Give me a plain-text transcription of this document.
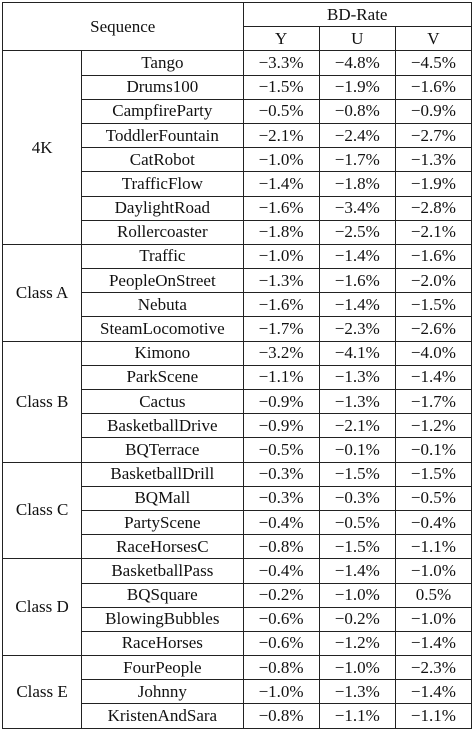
Sequence		BD-Rate		
		Y	U	V
4K	Tango	−3.3%	−4.8%	−4.5%
	Drums100	−1.5%	−1.9%	−1.6%
	CampfireParty	−0.5%	−0.8%	−0.9%
	ToddlerFountain	−2.1%	−2.4%	−2.7%
	CatRobot	−1.0%	−1.7%	−1.3%
	TrafficFlow	−1.4%	−1.8%	−1.9%
	DaylightRoad	−1.6%	−3.4%	−2.8%
	Rollercoaster	−1.8%	−2.5%	−2.1%
Class A	Traffic	−1.0%	−1.4%	−1.6%
	PeopleOnStreet	−1.3%	−1.6%	−2.0%
	Nebuta	−1.6%	−1.4%	−1.5%
	SteamLocomotive	−1.7%	−2.3%	−2.6%
Class B	Kimono	−3.2%	−4.1%	−4.0%
	ParkScene	−1.1%	−1.3%	−1.4%
	Cactus	−0.9%	−1.3%	−1.7%
	BasketballDrive	−0.9%	−2.1%	−1.2%
	BQTerrace	−0.5%	−0.1%	−0.1%
Class C	BasketballDrill	−0.3%	−1.5%	−1.5%
	BQMall	−0.3%	−0.3%	−0.5%
	PartyScene	−0.4%	−0.5%	−0.4%
	RaceHorsesC	−0.8%	−1.5%	−1.1%
Class D	BasketballPass	−0.4%	−1.4%	−1.0%
	BQSquare	−0.2%	−1.0%	0.5%
	BlowingBubbles	−0.6%	−0.2%	−1.0%
	RaceHorses	−0.6%	−1.2%	−1.4%
Class E	FourPeople	−0.8%	−1.0%	−2.3%
	Johnny	−1.0%	−1.3%	−1.4%
	KristenAndSara	−0.8%	−1.1%	−1.1%
